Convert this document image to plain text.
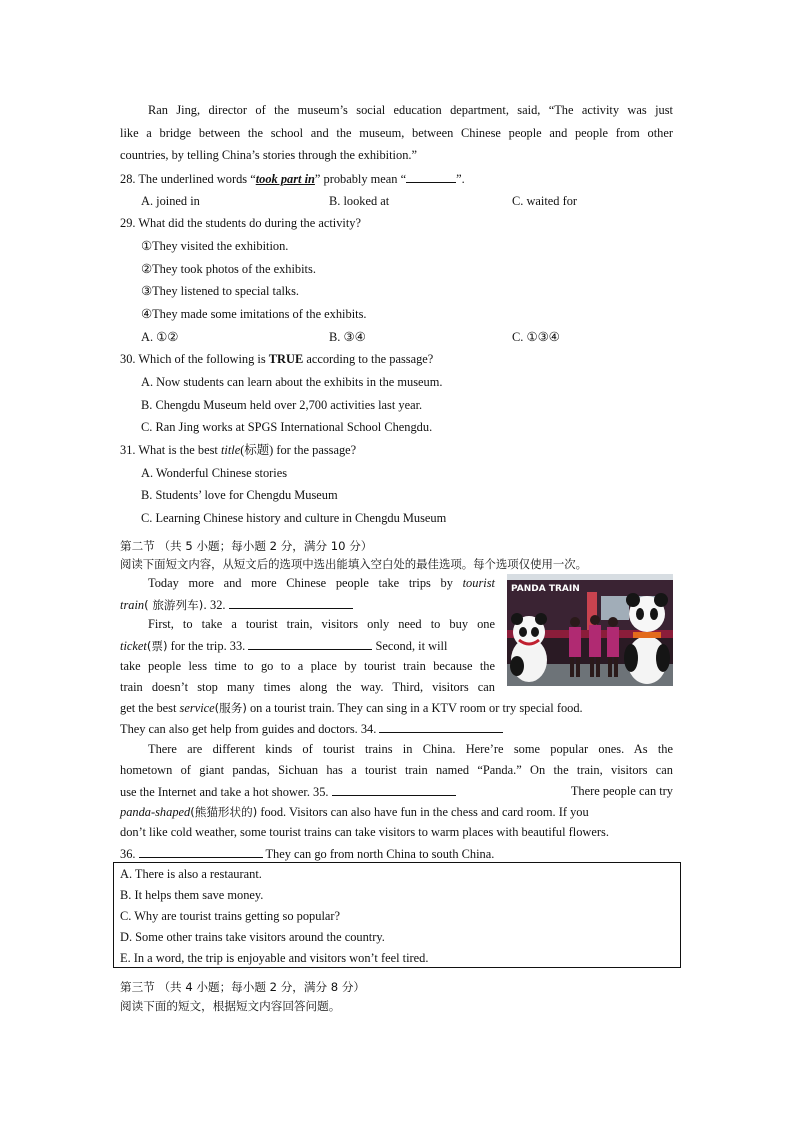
Ran Jing, director of the museum’s social education department, said, “The activity was just
like a bridge between the school and the museum, between Chinese people and people from other
countries, by telling China’s stories through the exhibition.”
28. The underlined words “took part in” probably mean “	”.
A. joined in	B. looked at	C. waited for
29. What did the students do during the activity?
①They visited the exhibition.
②They took photos of the exhibits.
③They listened to special talks.
④They made some imitations of the exhibits.
A. ①②	B. ③④	C. ①③④
30. Which of the following is TRUE according to the passage?
A. Now students can learn about the exhibits in the museum.
B. Chengdu Museum held over 2,700 activities last year.
C. Ran Jing works at SPGS International School Chengdu.
31. What is the best title(标题) for the passage?
A. Wonderful Chinese stories
B. Students’ love for Chengdu Museum
C. Learning Chinese history and culture in Chengdu Museum
第二节 （共 5 小题；每小题 2 分，满分 10 分）
阅读下面短文内容，从短文后的选项中选出能填入空白处的最佳选项。每个选项仅使用一次。
Today more and more Chinese people take trips by tourist
train( 旅游列车). 32.
First, to take a tourist train, visitors only need to buy one
ticket(票) for the trip. 33.	Second, it will
take people less time to go to a place by tourist train because the
train doesn’t stop many times along the way. Third, visitors can
get the best service(服务) on a tourist train. They can sing in a KTV room or try special food.
They can also get help from guides and doctors. 34.
There are different kinds of tourist trains in China. Here’re some popular ones. As the
hometown of giant pandas, Sichuan has a tourist train named “Panda.” On the train, visitors can
use the Internet and take a hot shower. 35.	There people can try
panda-shaped(熊猫形状的) food. Visitors can also have fun in the chess and card room. If you
don’t like cold weather, some tourist trains can take visitors to warm places with beautiful flowers.
36.	They can go from north China to south China.
PANDA TRAIN
A. There is also a restaurant.
B. It helps them save money.
C. Why are tourist trains getting so popular?
D. Some other trains take visitors around the country.
E. In a word, the trip is enjoyable and visitors won’t feel tired.
第三节 （共 4 小题；每小题 2 分，满分 8 分）
阅读下面的短文，根据短文内容回答问题。
